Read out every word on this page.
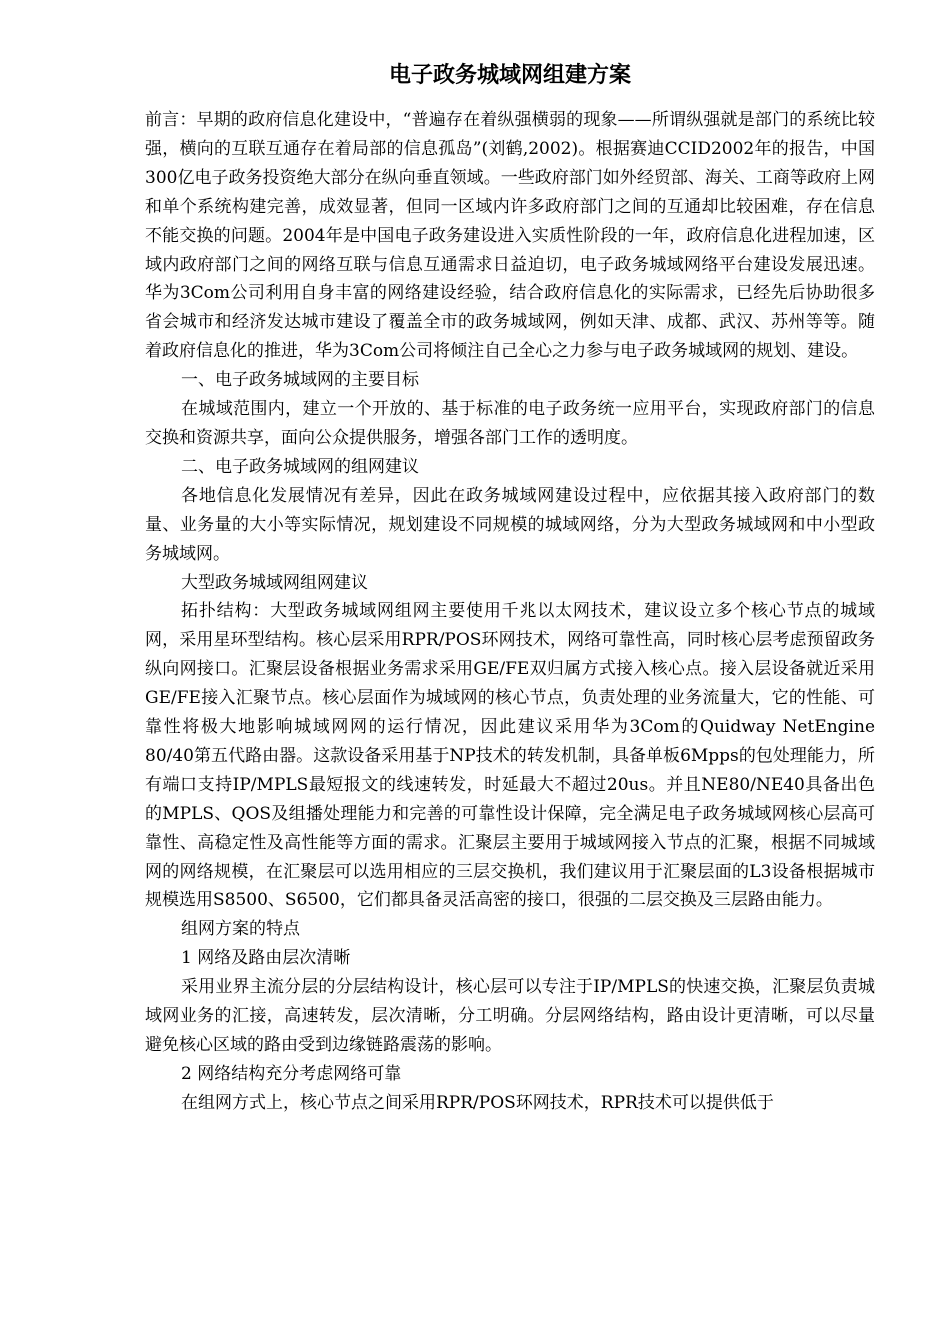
电子政务城域网组建方案

前言：早期的政府信息化建设中，“普遍存在着纵强横弱的现象——所谓纵强就是部门的系统比较强，横向的互联互通存在着局部的信息孤岛”(刘鹤,2002)。根据赛迪CCID2002年的报告，中国300亿电子政务投资绝大部分在纵向垂直领域。一些政府部门如外经贸部、海关、工商等政府上网和单个系统构建完善，成效显著，但同一区域内许多政府部门之间的互通却比较困难，存在信息不能交换的问题。2004年是中国电子政务建设进入实质性阶段的一年，政府信息化进程加速，区域内政府部门之间的网络互联与信息互通需求日益迫切，电子政务城域网络平台建设发展迅速。华为3Com公司利用自身丰富的网络建设经验，结合政府信息化的实际需求，已经先后协助很多省会城市和经济发达城市建设了覆盖全市的政务城域网，例如天津、成都、武汉、苏州等等。随着政府信息化的推进，华为3Com公司将倾注自己全心之力参与电子政务城域网的规划、建设。

一、电子政务城域网的主要目标

在城域范围内，建立一个开放的、基于标准的电子政务统一应用平台，实现政府部门的信息交换和资源共享，面向公众提供服务，增强各部门工作的透明度。

二、电子政务城域网的组网建议

各地信息化发展情况有差异，因此在政务城域网建设过程中，应依据其接入政府部门的数量、业务量的大小等实际情况，规划建设不同规模的城域网络，分为大型政务城域网和中小型政务城域网。

大型政务城域网组网建议

拓扑结构：大型政务城域网组网主要使用千兆以太网技术，建议设立多个核心节点的城域网，采用星环型结构。核心层采用RPR/POS环网技术，网络可靠性高，同时核心层考虑预留政务纵向网接口。汇聚层设备根据业务需求采用GE/FE双归属方式接入核心点。接入层设备就近采用GE/FE接入汇聚节点。核心层面作为城域网的核心节点，负责处理的业务流量大，它的性能、可靠性将极大地影响城域网网的运行情况，因此建议采用华为3Com的Quidway NetEngine 80/40第五代路由器。这款设备采用基于NP技术的转发机制，具备单板6Mpps的包处理能力，所有端口支持IP/MPLS最短报文的线速转发，时延最大不超过20us。并且NE80/NE40具备出色的MPLS、QOS及组播处理能力和完善的可靠性设计保障，完全满足电子政务城域网核心层高可靠性、高稳定性及高性能等方面的需求。汇聚层主要用于城域网接入节点的汇聚，根据不同城域网的网络规模，在汇聚层可以选用相应的三层交换机，我们建议用于汇聚层面的L3设备根据城市规模选用S8500、S6500，它们都具备灵活高密的接口，很强的二层交换及三层路由能力。

组网方案的特点

1 网络及路由层次清晰

采用业界主流分层的分层结构设计，核心层可以专注于IP/MPLS的快速交换，汇聚层负责城域网业务的汇接，高速转发，层次清晰，分工明确。分层网络结构，路由设计更清晰，可以尽量避免核心区域的路由受到边缘链路震荡的影响。

2 网络结构充分考虑网络可靠

在组网方式上，核心节点之间采用RPR/POS环网技术，RPR技术可以提供低于
